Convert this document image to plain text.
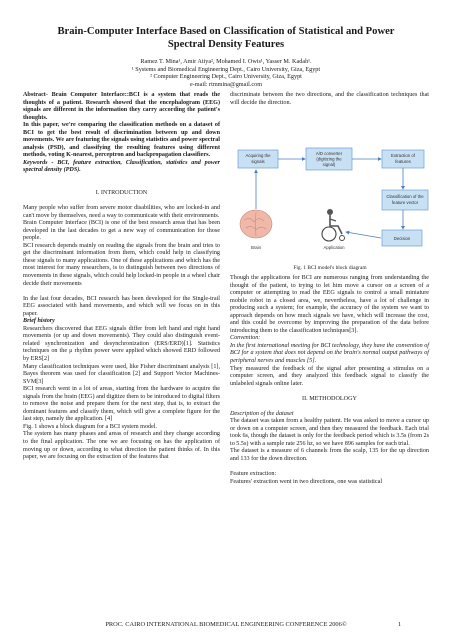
Brain-Computer Interface Based on Classification of Statistical and Power
Spectral Density Features
Ramez T. Mina¹, Amir Atiya², Mohamed I. Owis¹, Yasser M. Kadah¹.
¹ Systems and Biomedical Engineering Dept., Cairo University, Giza, Egypt
² Computer Engineering Dept., Cairo University, Giza, Egypt
e-mail: rtmmina@gmail.com

Abstract- Brain Computer Interface::BCI is a system that reads the thoughts of a patient. Research showed that the encephalogram (EEG) signals are different in the information they carry according the patient's thoughts.

In this paper, we're comparing the classification methods on a dataset of BCI to get the best result of discrimination between up and down movements. We are featuring the signals using statistics and power spectral analysis (PSD), and classifying the resulting features using different methods, voting K-nearest, perceptron and backpropagation classifiers.

Keywords - BCI, feature extraction, Classification, statistics and power spectral density (PDS).

I. INTRODUCTION

Many people who suffer from severe motor disabilities, who are locked-in and can't move by themselves, need a way to communicate with their environments.

Brain Computer Interface (BCI) is one of the best research areas that has been developed in the last decades to get a new way of communication for those people.

BCI research depends mainly on reading the signals from the brain and tries to get the discriminant information from them, which could help in classifying these signals to many applications. One of these applications and which has the most interest for many researchers, is to distinguish between two directions of movements in these signals, which could help locked-in people in a wheel chair decide their movements

In the last four decades, BCI research has been developed for the Single-trail EEG associated with hand movements, and which will we focus on in this paper.

Brief history

Researchers discovered that EEG signals differ from left hand and right hand movements (or up and down movements). They could also distinguish event-related synchronization and desynchronization (ERS/ERD)[1]. Statistics techniques on the μ rhythm power were applied which showed ERD followed by ERS[2]

Many classification techniques were used, like Fisher discriminant analysis [1], Bayes theorem was used for classification [2] and Support Vector Machines-SVM[3]

BCI research went in a lot of areas, starting from the hardware to acquire the signals from the brain (EEG) and digitize them to be introduced to digital filters to remove the noise and prepare them for the next step, that is, to extract the dominant features and classify them, which will give a complete figure for the last step, namely the application. [4]

Fig. 1 shows a block diagram for a BCI system model.

The system has many phases and areas of research and they change according to the final application. The one we are focusing on has the application of moving up or down, according to what direction the patient thinks of. In this paper, we are focusing on the extraction of the features that

discriminate between the two directions, and the classification techniques that will decide the direction.

Acquiring the
signals
A/D converter
(digitizing the
signal)
Extraction of
features
Classification of the
feature vector
Decision
Brain	Application
Fig. 1 BCI model's block diagram

Though the applications for BCI are numerous ranging from understanding the thought of the patient, to trying to let him move a cursor on a screen of a computer or attempting to read the EEG signals to control a small miniature mobile robot in a closed area, we, nevertheless, have a lot of challenge in producing such a system; for example, the accuracy of the system we want to approach depends on how much signals we have, which will increase the cost, and this could be overcome by improving the preparation of the data before introducing them to the classification techniques[3].

Convention:

In the first international meeting for BCI technology, they have the convention of BCI for a system that does not depend on the brain's normal output pathways of peripheral nerves and muscles [5].

They measured the feedback of the signal after presenting a stimulus on a computer screen, and they analyzed this feedback signal to classify the unlabeled signals online later.

II. METHODOLOGY

Description of the dataset

The dataset was taken from a healthy patient. He was asked to move a cursor up or down on a computer screen, and then they measured the feedback. Each trial took 6s, though the dataset is only for the feedback period which is 3.5s (from 2s to 5.5s) with a sample rate 256 hz, so we have 896 samples for each trial.

The dataset is a measure of 6 channels from the scalp, 135 for the up direction and 133 for the down direction.

Feature extraction:

Features' extraction went in two directions, one was statistical

PROC. CAIRO INTERNATIONAL BIOMEDICAL ENGINEERING CONFERENCE 2006©	1
